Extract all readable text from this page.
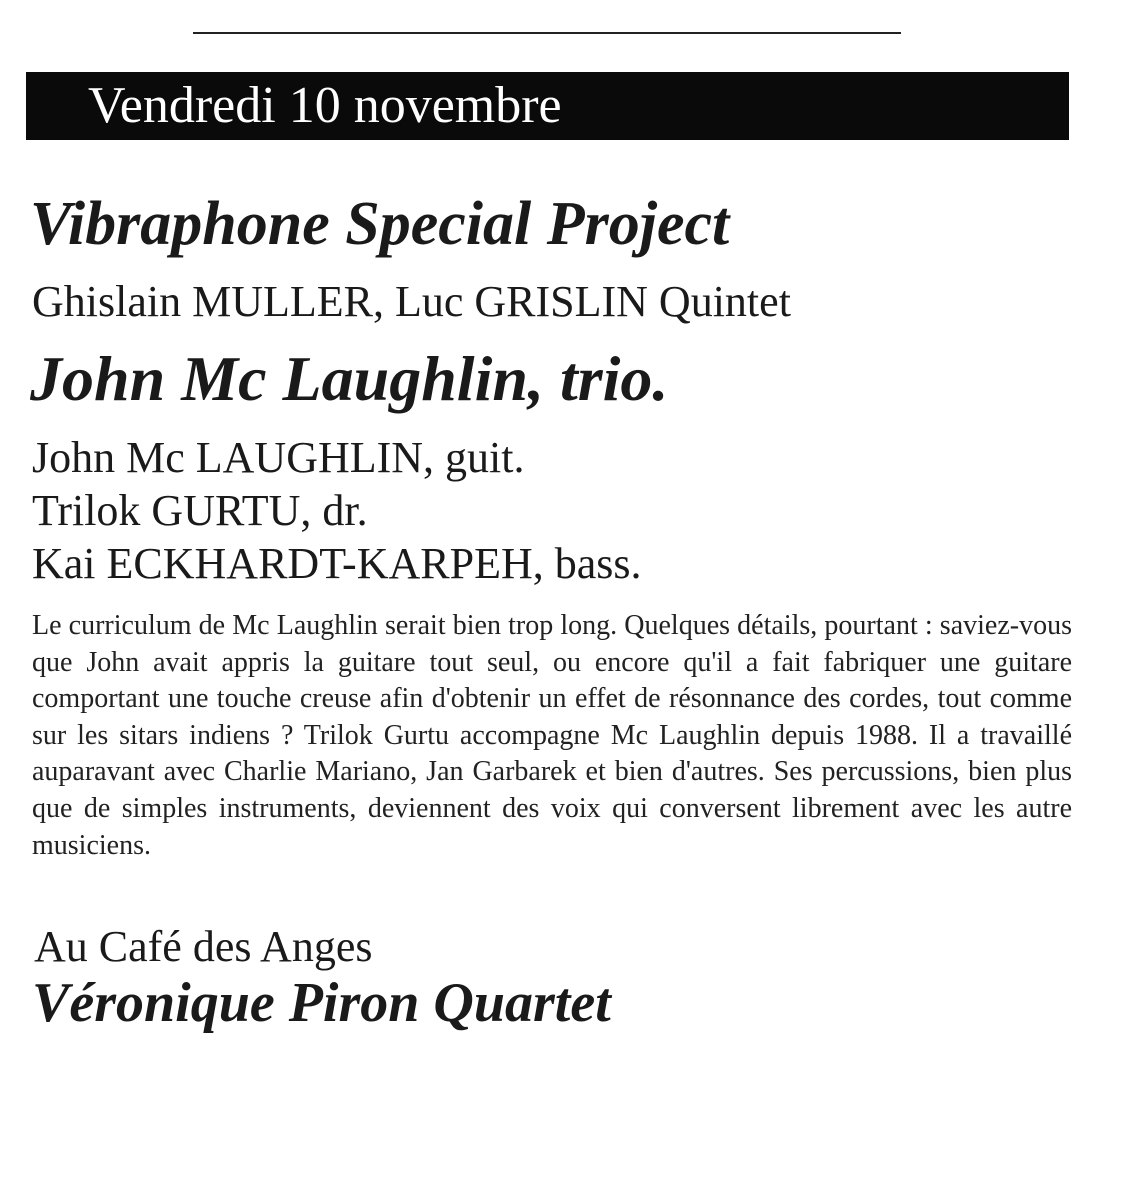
Vendredi 10 novembre
Vibraphone Special Project
Ghislain MULLER, Luc GRISLIN Quintet
John Mc Laughlin, trio.
John Mc LAUGHLIN, guit.
Trilok GURTU, dr.
Kai ECKHARDT-KARPEH, bass.

Le curriculum de Mc Laughlin serait bien trop long. Quelques détails, pourtant : saviez-vous que John avait appris la guitare tout seul, ou encore qu'il a fait fabriquer une guitare comportant une touche creuse afin d'obtenir un effet de résonnance des cordes, tout comme sur les sitars indiens ? Trilok Gurtu accompagne Mc Laughlin depuis 1988. Il a travaillé auparavant avec Charlie Mariano, Jan Garbarek et bien d'autres. Ses percussions, bien plus que de simples instruments, deviennent des voix qui conversent librement avec les autre musiciens.

Au Café des Anges
Véronique Piron Quartet
